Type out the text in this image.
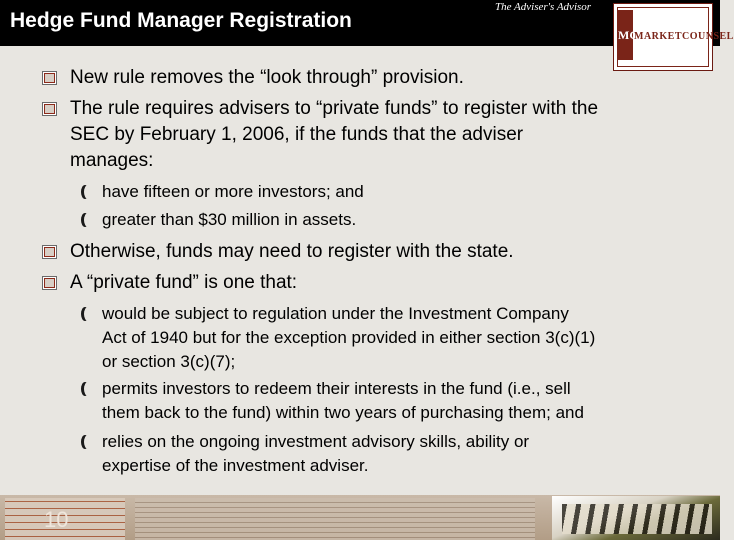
Hedge Fund Manager Registration
The Adviser's Advisor
MC
MARKETCOUNSEL
New rule removes the “look through” provision.
The rule requires advisers to “private funds” to register with the
SEC by February 1, 2006, if the funds that the adviser
manages:
have fifteen or more investors; and
greater than $30 million in assets.
Otherwise, funds may need to register with the state.
A “private fund” is one that:
would be subject to regulation under the Investment Company
Act of 1940 but for the exception provided in either section 3(c)(1)
or section 3(c)(7);
permits investors to redeem their interests in the fund (i.e., sell
them back to the fund) within two years of purchasing them; and
relies on the ongoing investment advisory skills, ability or
expertise of the investment adviser.
10
